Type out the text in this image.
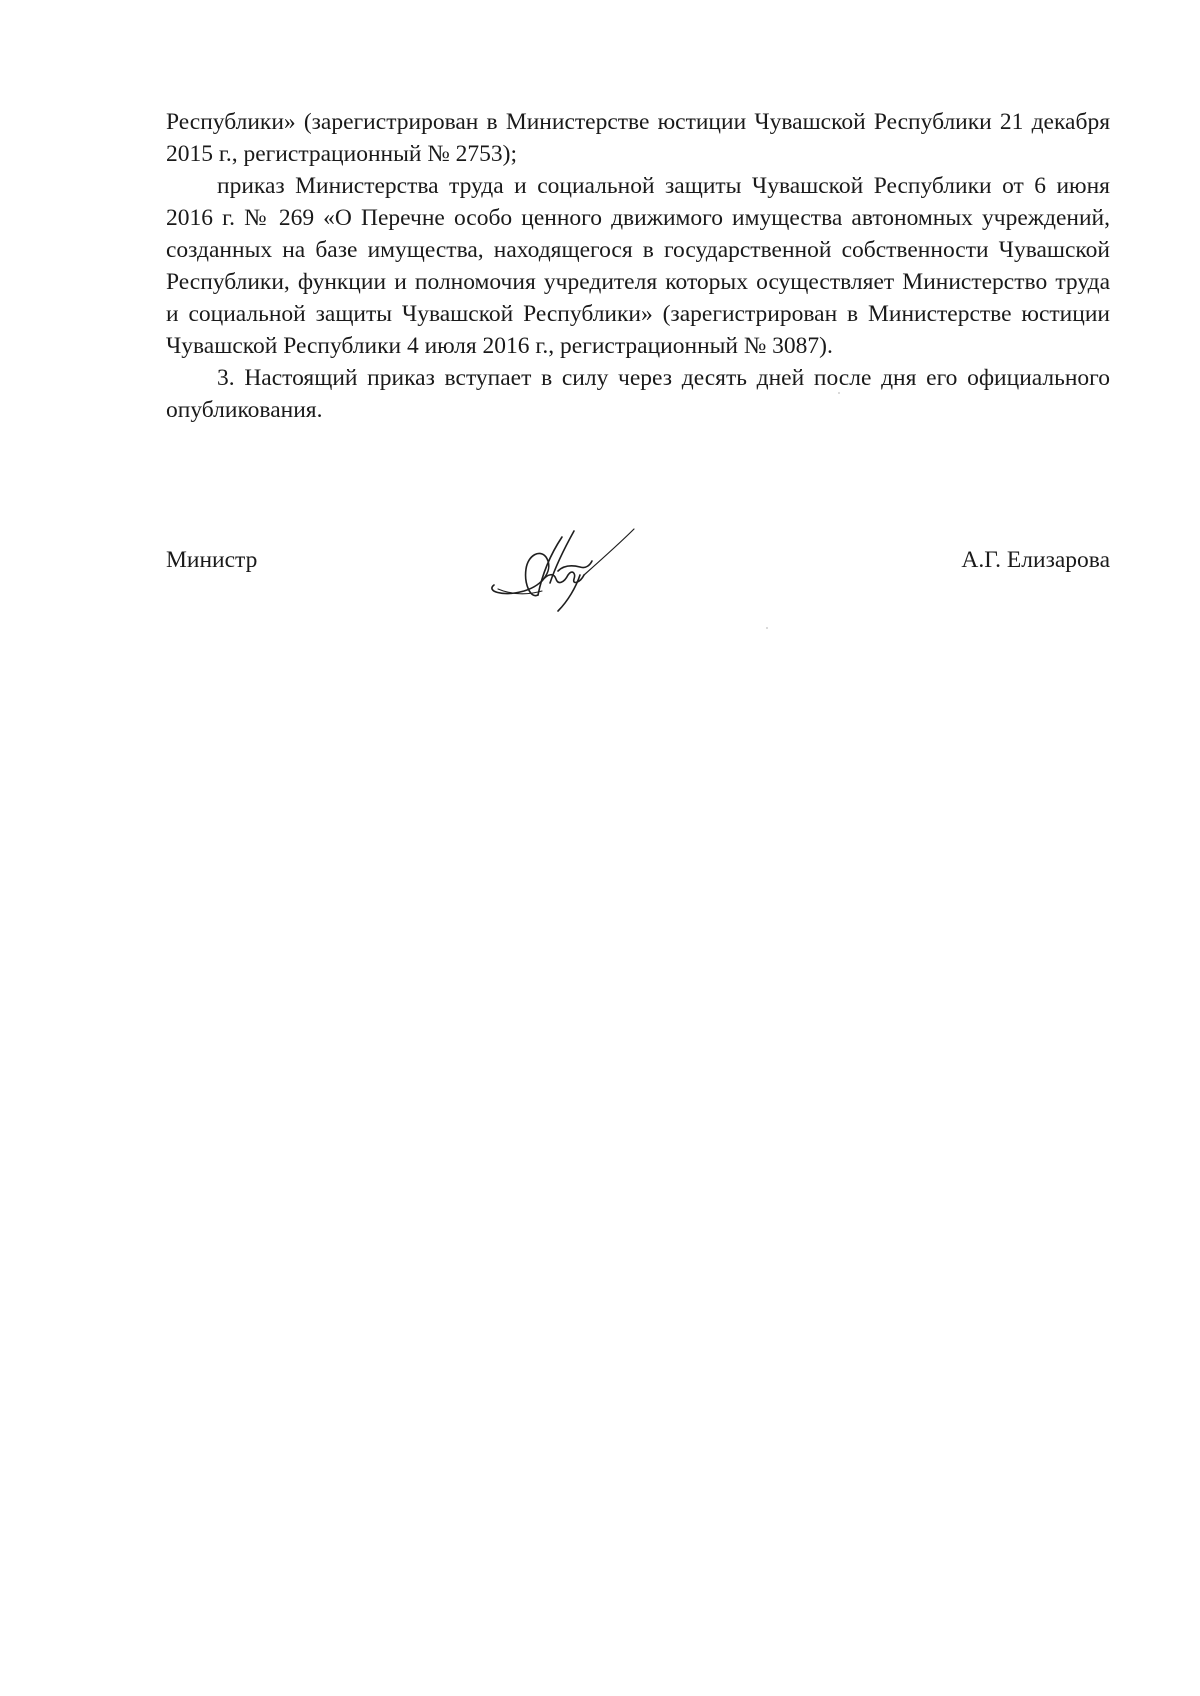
Республики» (зарегистрирован в Министерстве юстиции Чувашской Республики 21 декабря 2015 г., регистрационный № 2753);

приказ Министерства труда и социальной защиты Чувашской Республики от 6 июня 2016 г. № 269 «О Перечне особо ценного движимого имущества автономных учреждений, созданных на базе имущества, находящегося в государственной собственности Чувашской Республики, функции и полномочия учредителя которых осуществляет Министерство труда и социальной защиты Чувашской Республики» (зарегистрирован в Министерстве юстиции Чувашской Республики 4 июля 2016 г., регистрационный № 3087).

3. Настоящий приказ вступает в силу через десять дней после дня его официального опубликования.

Министр	А.Г. Елизарова
